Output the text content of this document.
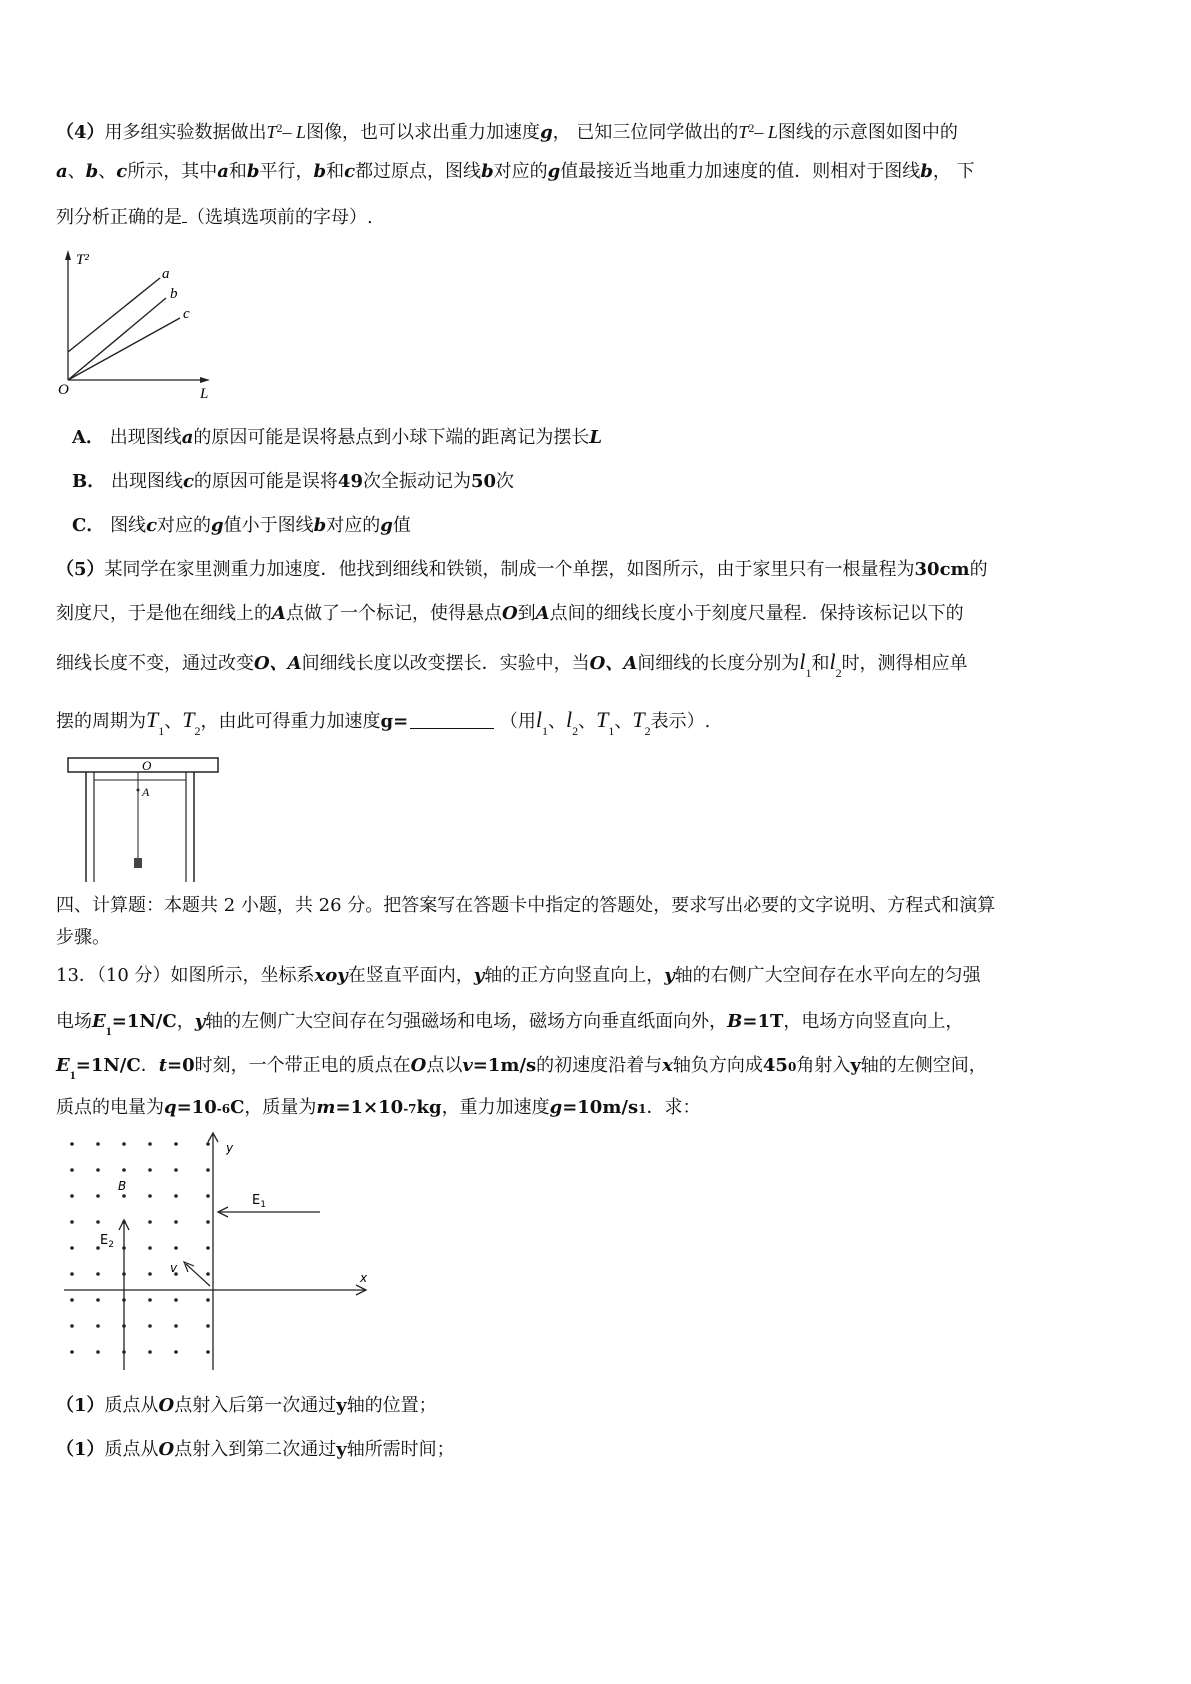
（4）用多组实验数据做出$T^2-$ L图像，也可以求出重力加速度g， 已知三位同学做出的$T^2-$ L图线的示意图如图中的
a、b、c所示，其中a和b平行，b和c都过原点，图线b对应的g值最接近当地重力加速度的值．则相对于图线b， 下
列分析正确的是 （选填选项前的字母）.
T²
L
O
a
b
c
A． 出现图线a的原因可能是误将悬点到小球下端的距离记为摆长L
B． 出现图线c的原因可能是误将49次全振动记为50次
C． 图线c对应的g值小于图线b对应的g值
（5）某同学在家里测重力加速度．他找到细线和铁锁，制成一个单摆，如图所示，由于家里只有一根量程为30cm的
刻度尺，于是他在细线上的A点做了一个标记，使得悬点O到A点间的细线长度小于刻度尺量程．保持该标记以下的
细线长度不变，通过改变O、A间细线长度以改变摆长．实验中，当O、A间细线的长度分别为$l_1$和$l_2$时，测得相应单
摆的周期为$T_1$、$T_2$，由此可得重力加速度g=	（用$l_1$、$l_2$、$T_1$、$T_2$表示）.
O
A
四、计算题：本题共 2 小题，共 26 分。把答案写在答题卡中指定的答题处，要求写出必要的文字说明、方程式和演算
步骤。
13．（10 分）如图所示，坐标系xoy在竖直平面内，y轴的正方向竖直向上，y轴的右侧广大空间存在水平向左的匀强
电场$E_1=1N/C$，y轴的左侧广大空间存在匀强磁场和电场，磁场方向垂直纸面向外，B=1T，电场方向竖直向上，
$E_1=1N/C$．t=0时刻，一个带正电的质点在O点以v=1m/s的初速度沿着与x轴负方向成450角射入y轴的左侧空间，
质点的电量为q=10-6C，质量为m=1×10-7kg，重力加速度g=10m/s1．求：
y
x
B
$E_1$
$E_2$
v
（1）质点从O点射入后第一次通过y轴的位置；
（1）质点从O点射入到第二次通过y轴所需时间；
